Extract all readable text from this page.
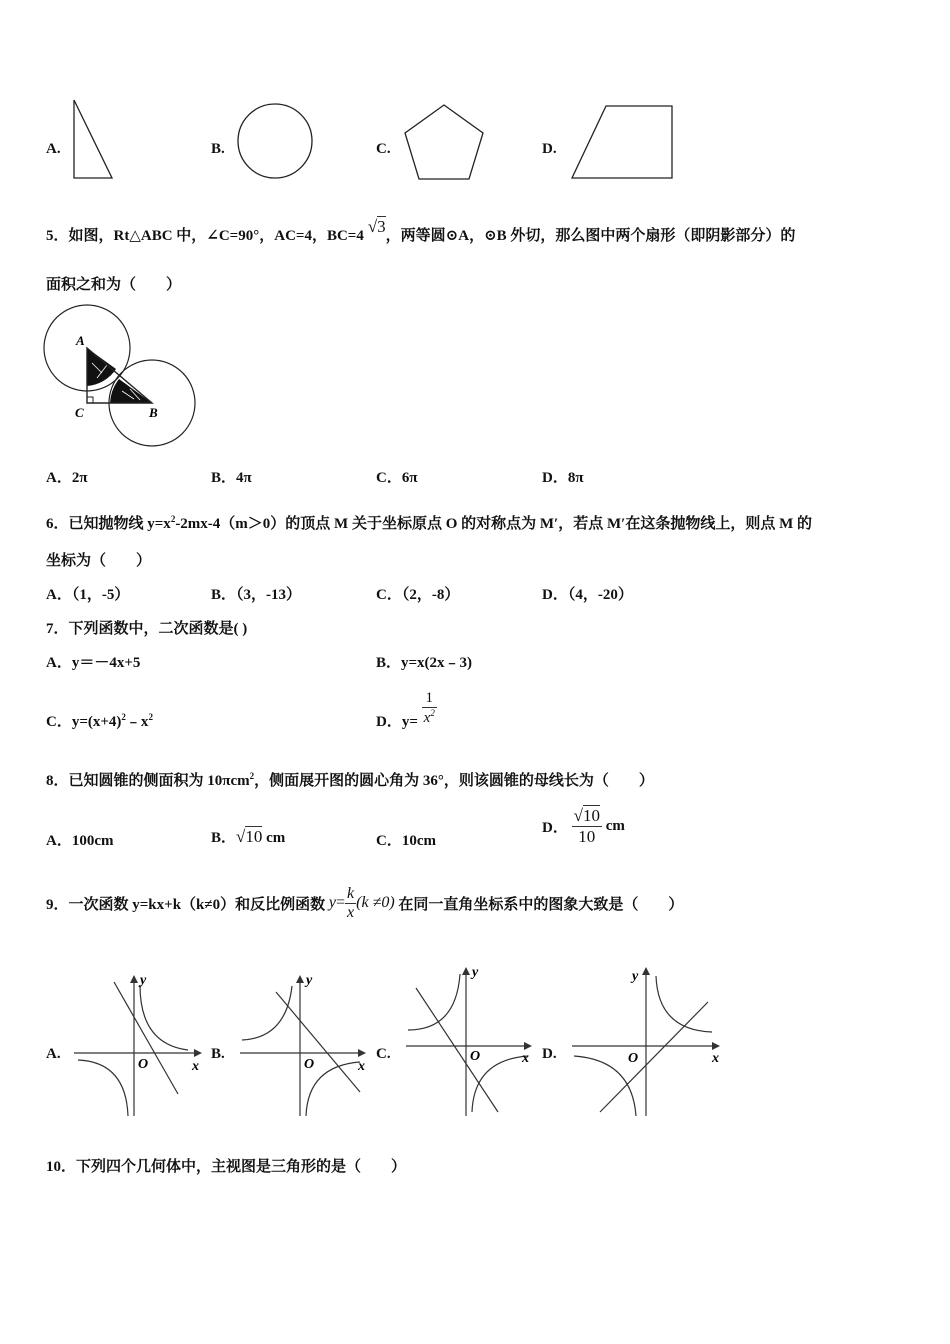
A.	B.	C.	D.
5．如图，Rt△ABC 中，∠C=90°，AC=4，BC=4 √3，两等圆⊙A，⊙B 外切，那么图中两个扇形（即阴影部分）的
面积之和为（　　）
A
C	B
A．2π	B．4π	C．6π	D．8π
6．已知抛物线 $y=x^2-2mx-4(m>0)$的顶点 M 关于坐标原点 O 的对称点为 M′，若点 M′在这条抛物线上，则点 M 的
坐标为（　　）
A．（1，-5）	B．（3，-13）	C．（2，-8）	D．（4，-20）
7．下列函数中，二次函数是( )
A．y＝－4x+5	B．y=x(2x﹣3)
C．$y=(x+4)^2﹣x^2$	D．$y= \frac{1}{x^2}$
8．已知圆锥的侧面积为 10πcm$^2$，侧面展开图的圆心角为 36°，则该圆锥的母线长为（　　）
A．100cm	B．√10 cm	C．10cm
D． $\frac{√10}{10}$ cm
9．一次函数 y=kx+k（k≠0）和反比例函数 $y= \frac{k}{x} (k \ne 0)$ 在同一直角坐标系中的图象大致是（　　）
A.
y
x
O
B.
y
x
O
C.
y
x
O	D.
y
x
O
10．下列四个几何体中，主视图是三角形的是（　　）
